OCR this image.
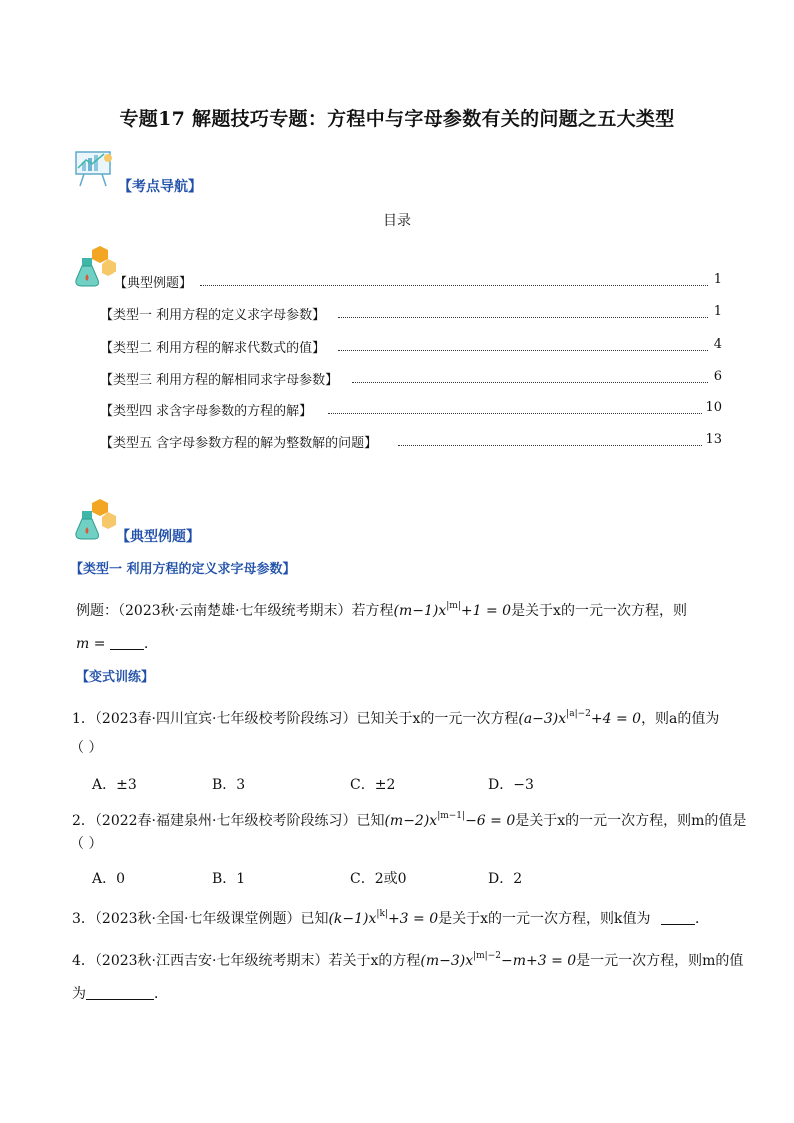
专题17 解题技巧专题：方程中与字母参数有关的问题之五大类型
【考点导航】
目录
【典型例题】	1
【类型一 利用方程的定义求字母参数】	1
【类型二 利用方程的解求代数式的值】	4
【类型三 利用方程的解相同求字母参数】	6
【类型四 求含字母参数的方程的解】	10
【类型五 含字母参数方程的解为整数解的问题】	13
【典型例题】
【类型一 利用方程的定义求字母参数】
例题：（2023秋·云南楚雄·七年级统考期末）若方程$(m-1)x^{|m|}+1 = 0$是关于x的一元一次方程，则
m =	.
【变式训练】
1．（2023春·四川宜宾·七年级校考阶段练习）已知关于x的一元一次方程$(a-3)x^{|a|-2}+4 = 0$，则a的值为
（ ）
A．±3	B．3	C．±2	D．−3
2．（2022春·福建泉州·七年级校考阶段练习）已知$(m-2)x^{|m-1|}-6 = 0$是关于x的一元一次方程，则m的值是
（ ）
A．0	B．1	C．2或0	D．2
3．（2023秋·全国·七年级课堂例题）已知$(k-1)x^{|k|}+3 = 0$是关于x的一元一次方程，则k值为	．
4．（2023秋·江西吉安·七年级统考期末）若关于x的方程$(m-3)x^{|m|-2}-m+3 = 0$是一元一次方程，则m的值
为	．
